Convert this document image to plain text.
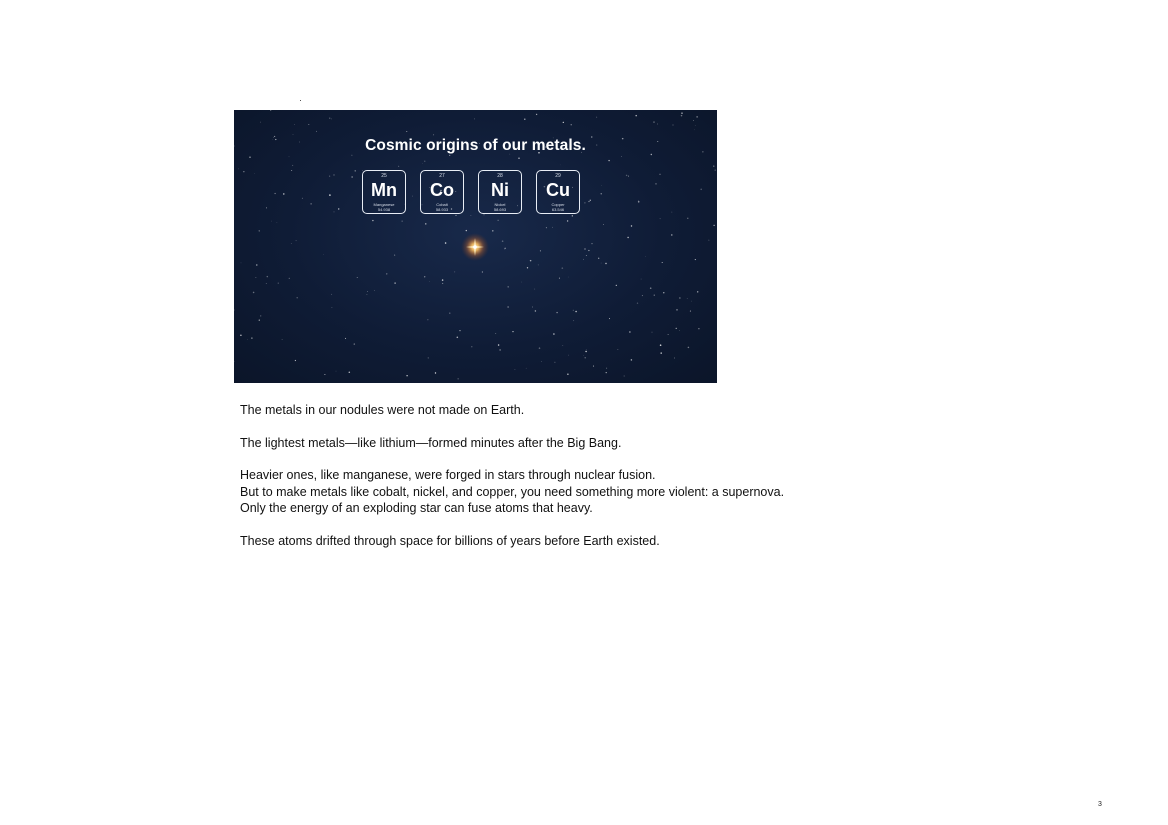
Cosmic origins of our metals.
25
Mn
Manganese
54.938
27
Co
Cobalt
58.933
28
Ni
Nickel
58.693
29
Cu
Copper
63.546

The metals in our nodules were not made on Earth.

The lightest metals—like lithium—formed minutes after the Big Bang.

Heavier ones, like manganese, were forged in stars through nuclear fusion.

But to make metals like cobalt, nickel, and copper, you need something more violent: a supernova.

Only the energy of an exploding star can fuse atoms that heavy.

These atoms drifted through space for billions of years before Earth existed.

3
